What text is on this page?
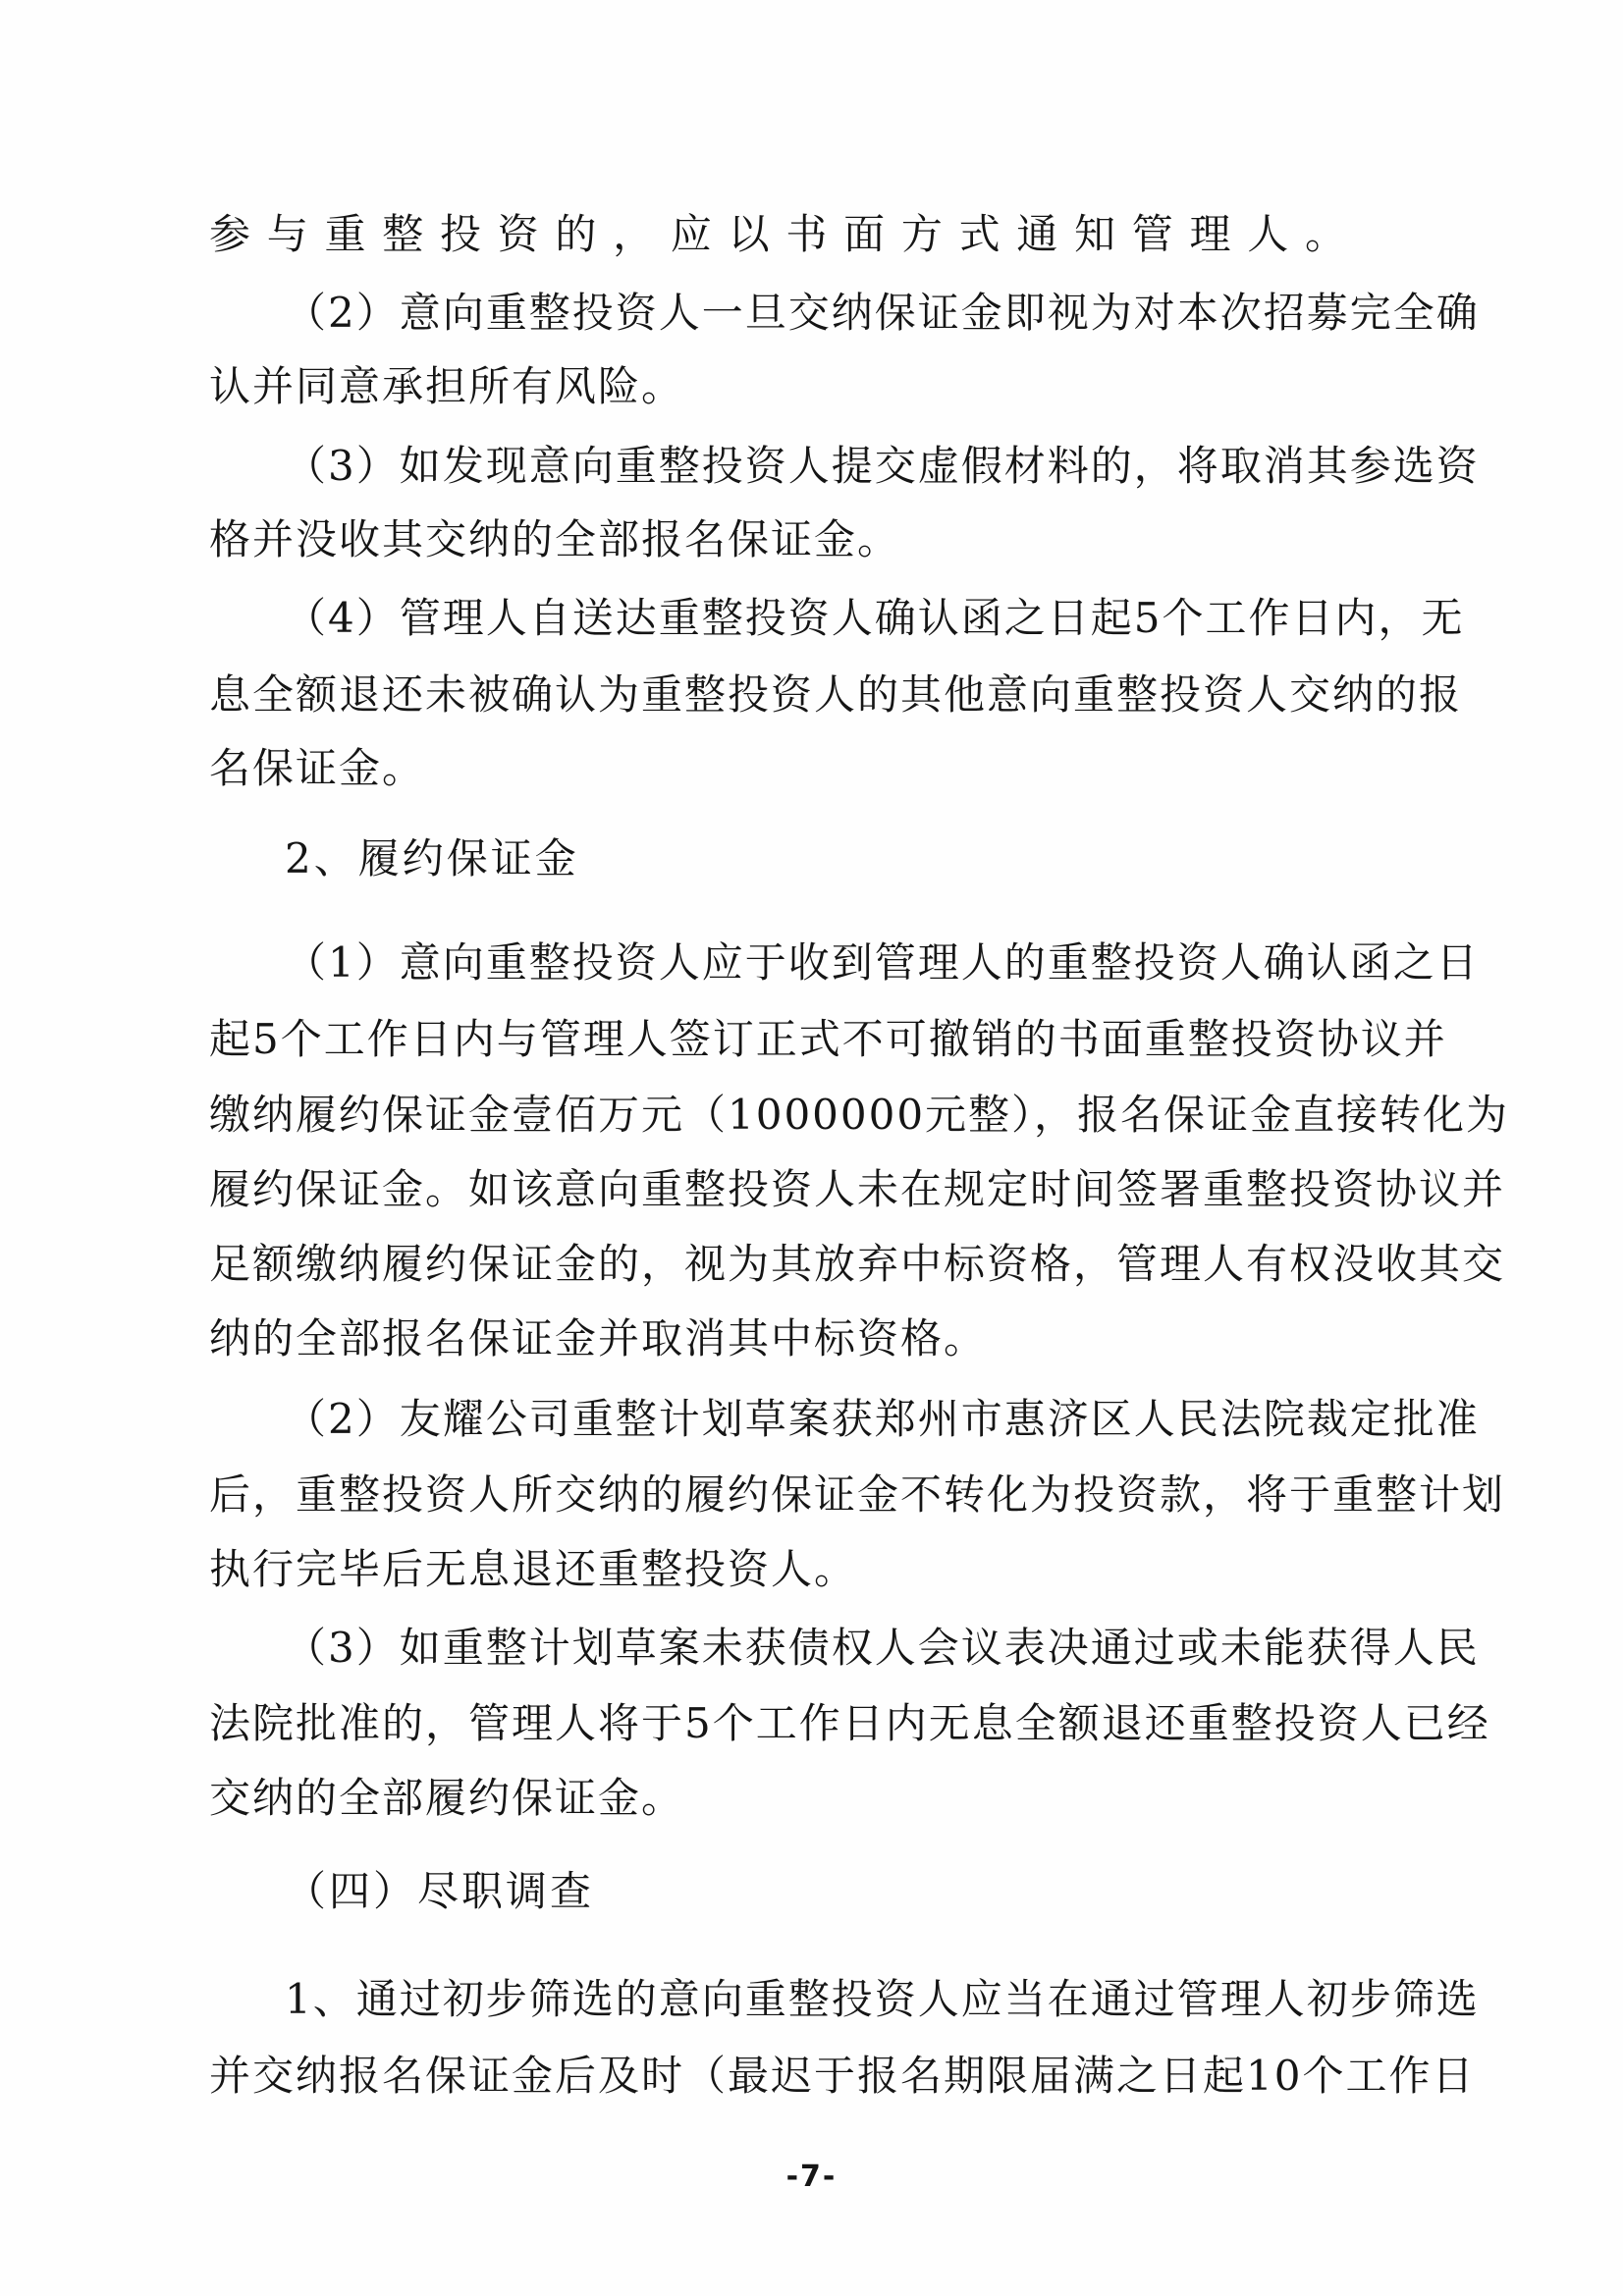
参与重整投资的，应以书面方式通知管理人。

（2）意向重整投资人一旦交纳保证金即视为对本次招募完全确

认并同意承担所有风险。

（3）如发现意向重整投资人提交虚假材料的，将取消其参选资

格并没收其交纳的全部报名保证金。

（4）管理人自送达重整投资人确认函之日起5个工作日内，无

息全额退还未被确认为重整投资人的其他意向重整投资人交纳的报

名保证金。

2、履约保证金

（1）意向重整投资人应于收到管理人的重整投资人确认函之日

起5个工作日内与管理人签订正式不可撤销的书面重整投资协议并

缴纳履约保证金壹佰万元（1000000元整），报名保证金直接转化为

履约保证金。如该意向重整投资人未在规定时间签署重整投资协议并

足额缴纳履约保证金的，视为其放弃中标资格，管理人有权没收其交

纳的全部报名保证金并取消其中标资格。

（2）友耀公司重整计划草案获郑州市惠济区人民法院裁定批准

后，重整投资人所交纳的履约保证金不转化为投资款，将于重整计划

执行完毕后无息退还重整投资人。

（3）如重整计划草案未获债权人会议表决通过或未能获得人民

法院批准的，管理人将于5个工作日内无息全额退还重整投资人已经

交纳的全部履约保证金。

（四）尽职调查

1、通过初步筛选的意向重整投资人应当在通过管理人初步筛选

并交纳报名保证金后及时（最迟于报名期限届满之日起10个工作日

-7-
